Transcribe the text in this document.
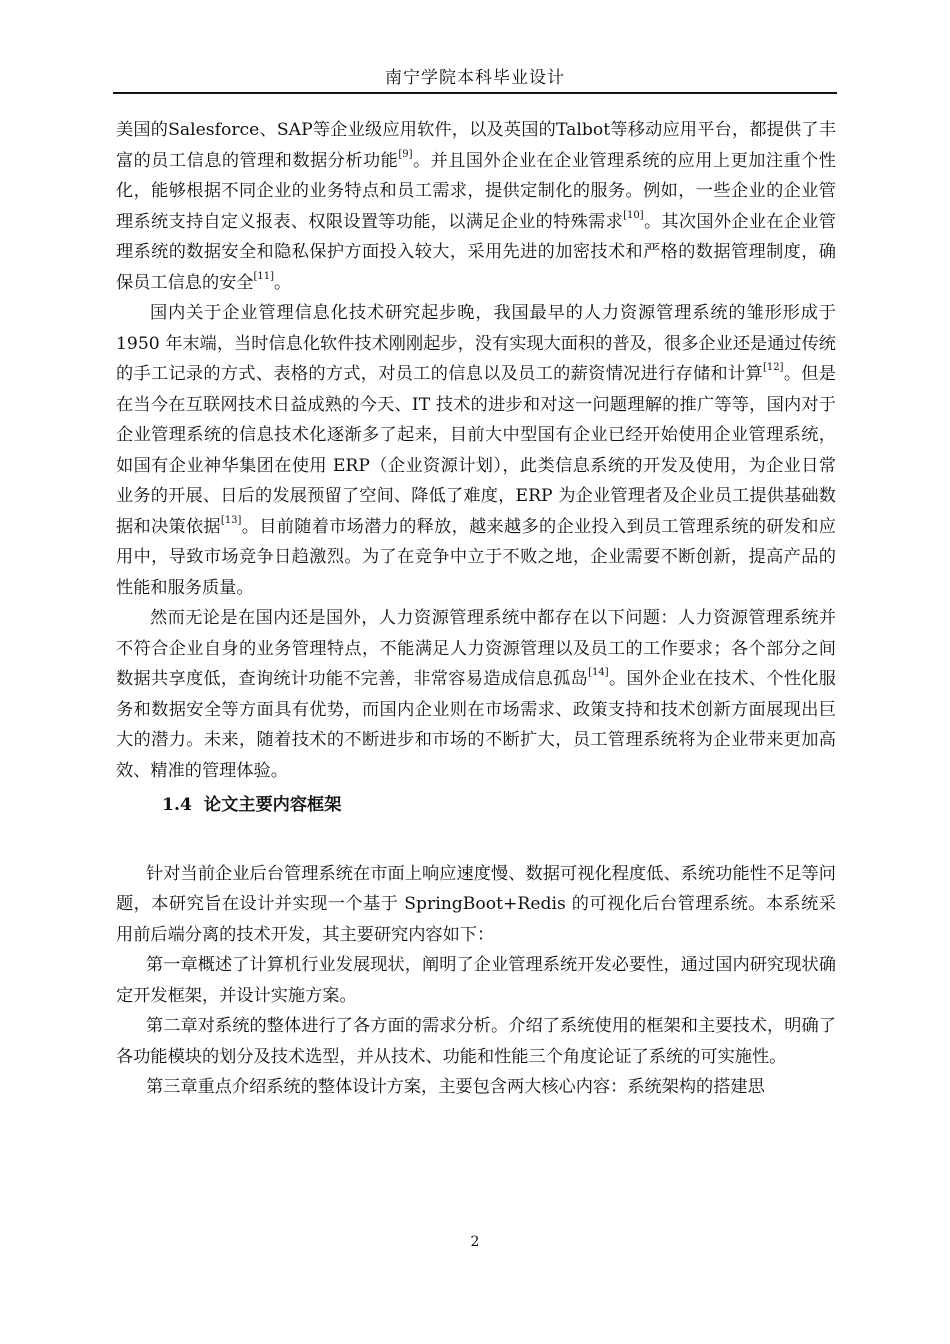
南宁学院本科毕业设计

美国的Salesforce、SAP等企业级应用软件，以及英国的Talbot等移动应用平台，都提供了丰富的员工信息的管理和数据分析功能[9]。并且国外企业在企业管理系统的应用上更加注重个性化，能够根据不同企业的业务特点和员工需求，提供定制化的服务。例如，一些企业的企业管理系统支持自定义报表、权限设置等功能，以满足企业的特殊需求[10]。其次国外企业在企业管理系统的数据安全和隐私保护方面投入较大，采用先进的加密技术和严格的数据管理制度，确保员工信息的安全[11]。

国内关于企业管理信息化技术研究起步晚，我国最早的人力资源管理系统的雏形形成于 1950 年末端，当时信息化软件技术刚刚起步，没有实现大面积的普及，很多企业还是通过传统的手工记录的方式、表格的方式，对员工的信息以及员工的薪资情况进行存储和计算[12]。但是在当今在互联网技术日益成熟的今天、IT 技术的进步和对这一问题理解的推广等等，国内对于企业管理系统的信息技术化逐渐多了起来，目前大中型国有企业已经开始使用企业管理系统，如国有企业神华集团在使用 ERP（企业资源计划），此类信息系统的开发及使用，为企业日常业务的开展、日后的发展预留了空间、降低了难度，ERP 为企业管理者及企业员工提供基础数据和决策依据[13]。目前随着市场潜力的释放，越来越多的企业投入到员工管理系统的研发和应用中，导致市场竞争日趋激烈。为了在竞争中立于不败之地，企业需要不断创新，提高产品的性能和服务质量。

然而无论是在国内还是国外，人力资源管理系统中都存在以下问题：人力资源管理系统并不符合企业自身的业务管理特点，不能满足人力资源管理以及员工的工作要求；各个部分之间数据共享度低，查询统计功能不完善，非常容易造成信息孤岛[14]。国外企业在技术、个性化服务和数据安全等方面具有优势，而国内企业则在市场需求、政策支持和技术创新方面展现出巨大的潜力。未来，随着技术的不断进步和市场的不断扩大，员工管理系统将为企业带来更加高效、精准的管理体验。

1.4 论文主要内容框架

针对当前企业后台管理系统在市面上响应速度慢、数据可视化程度低、系统功能性不足等问题，本研究旨在设计并实现一个基于 SpringBoot+Redis 的可视化后台管理系统。本系统采用前后端分离的技术开发，其主要研究内容如下：

第一章概述了计算机行业发展现状，阐明了企业管理系统开发必要性，通过国内研究现状确定开发框架，并设计实施方案。

第二章对系统的整体进行了各方面的需求分析。介绍了系统使用的框架和主要技术，明确了各功能模块的划分及技术选型，并从技术、功能和性能三个角度论证了系统的可实施性。

第三章重点介绍系统的整体设计方案，主要包含两大核心内容：系统架构的搭建思

2
